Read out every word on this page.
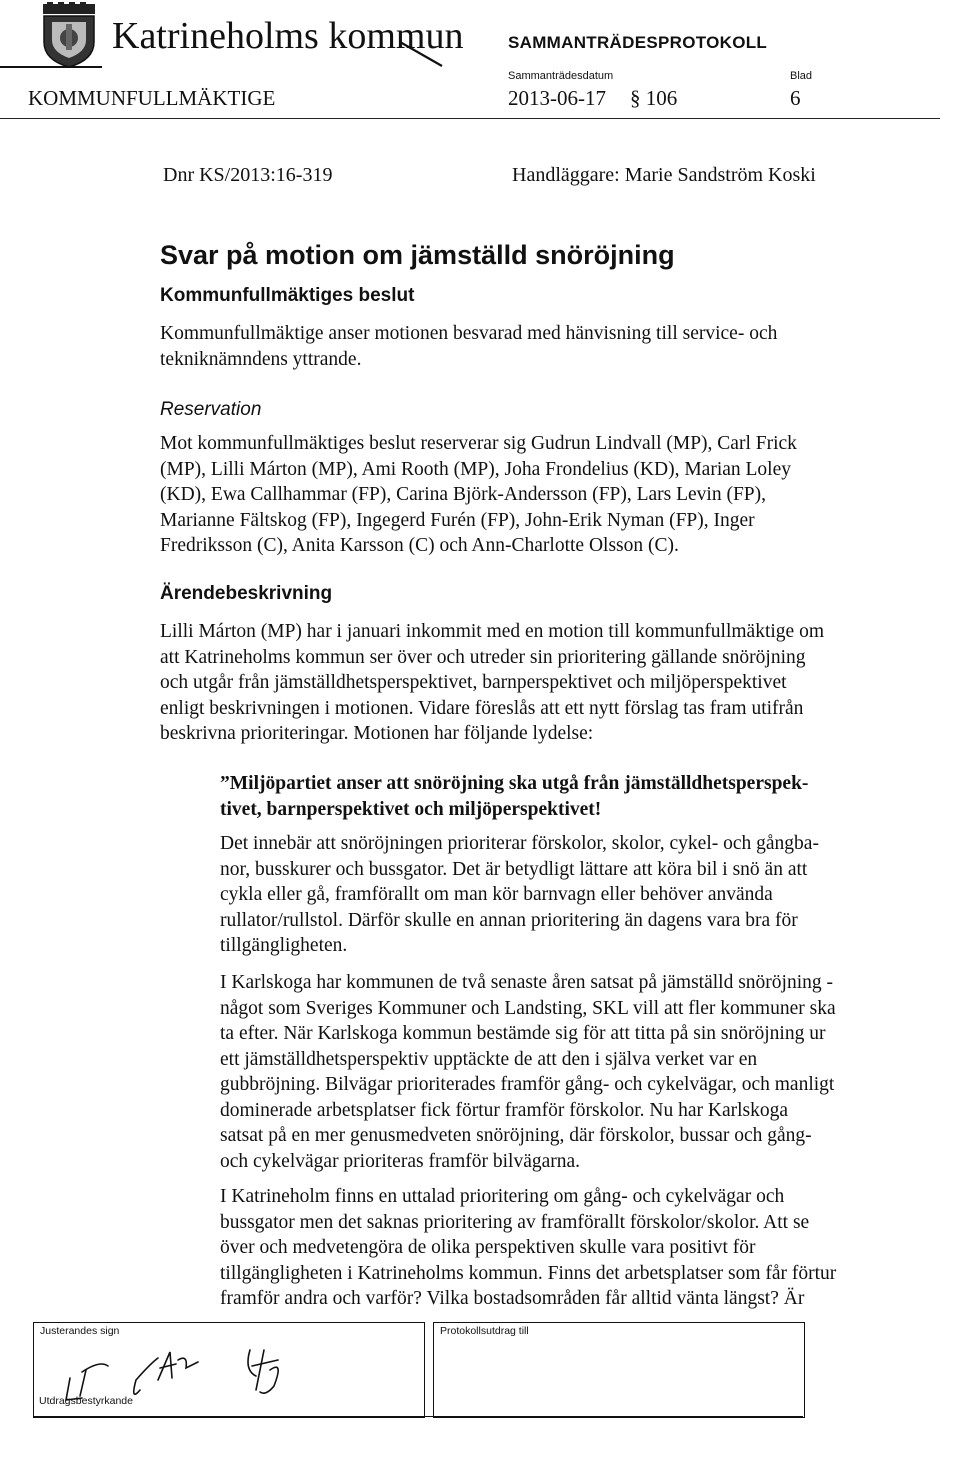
Katrineholms kommun	SAMMANTRÄDESPROTOKOLL
Sammanträdesdatum	Blad
KOMMUNFULLMÄKTIGE	2013-06-17 § 106	6
Dnr KS/2013:16-319	Handläggare: Marie Sandström Koski
Svar på motion om jämställd snöröjning
Kommunfullmäktiges beslut
Kommunfullmäktige anser motionen besvarad med hänvisning till service- och
tekniknämndens yttrande.
Reservation
Mot kommunfullmäktiges beslut reserverar sig Gudrun Lindvall (MP), Carl Frick
(MP), Lilli Márton (MP), Ami Rooth (MP), Joha Frondelius (KD), Marian Loley
(KD), Ewa Callhammar (FP), Carina Björk-Andersson (FP), Lars Levin (FP),
Marianne Fältskog (FP), Ingegerd Furén (FP), John-Erik Nyman (FP), Inger
Fredriksson (C), Anita Karsson (C) och Ann-Charlotte Olsson (C).
Ärendebeskrivning
Lilli Márton (MP) har i januari inkommit med en motion till kommunfullmäktige om
att Katrineholms kommun ser över och utreder sin prioritering gällande snöröjning
och utgår från jämställdhetsperspektivet, barnperspektivet och miljöperspektivet
enligt beskrivningen i motionen. Vidare föreslås att ett nytt förslag tas fram utifrån
beskrivna prioriteringar. Motionen har följande lydelse:
”Miljöpartiet anser att snöröjning ska utgå från jämställdhetsperspek-
tivet, barnperspektivet och miljöperspektivet!
Det innebär att snöröjningen prioriterar förskolor, skolor, cykel- och gångba-
nor, busskurer och bussgator. Det är betydligt lättare att köra bil i snö än att
cykla eller gå, framförallt om man kör barnvagn eller behöver använda
rullator/rullstol. Därför skulle en annan prioritering än dagens vara bra för
tillgängligheten.
I Karlskoga har kommunen de två senaste åren satsat på jämställd snöröjning -
något som Sveriges Kommuner och Landsting, SKL vill att fler kommuner ska
ta efter. När Karlskoga kommun bestämde sig för att titta på sin snöröjning ur
ett jämställdhetsperspektiv upptäckte de att den i själva verket var en
gubbröjning. Bilvägar prioriterades framför gång- och cykelvägar, och manligt
dominerade arbetsplatser fick förtur framför förskolor. Nu har Karlskoga
satsat på en mer genusmedveten snöröjning, där förskolor, bussar och gång-
och cykelvägar prioriteras framför bilvägarna.
I Katrineholm finns en uttalad prioritering om gång- och cykelvägar och
bussgator men det saknas prioritering av framförallt förskolor/skolor. Att se
över och medvetengöra de olika perspektiven skulle vara positivt för
tillgängligheten i Katrineholms kommun. Finns det arbetsplatser som får förtur
framför andra och varför? Vilka bostadsområden får alltid vänta längst? Är
Justerandes sign	Protokollsutdrag till
Utdragsbestyrkande
